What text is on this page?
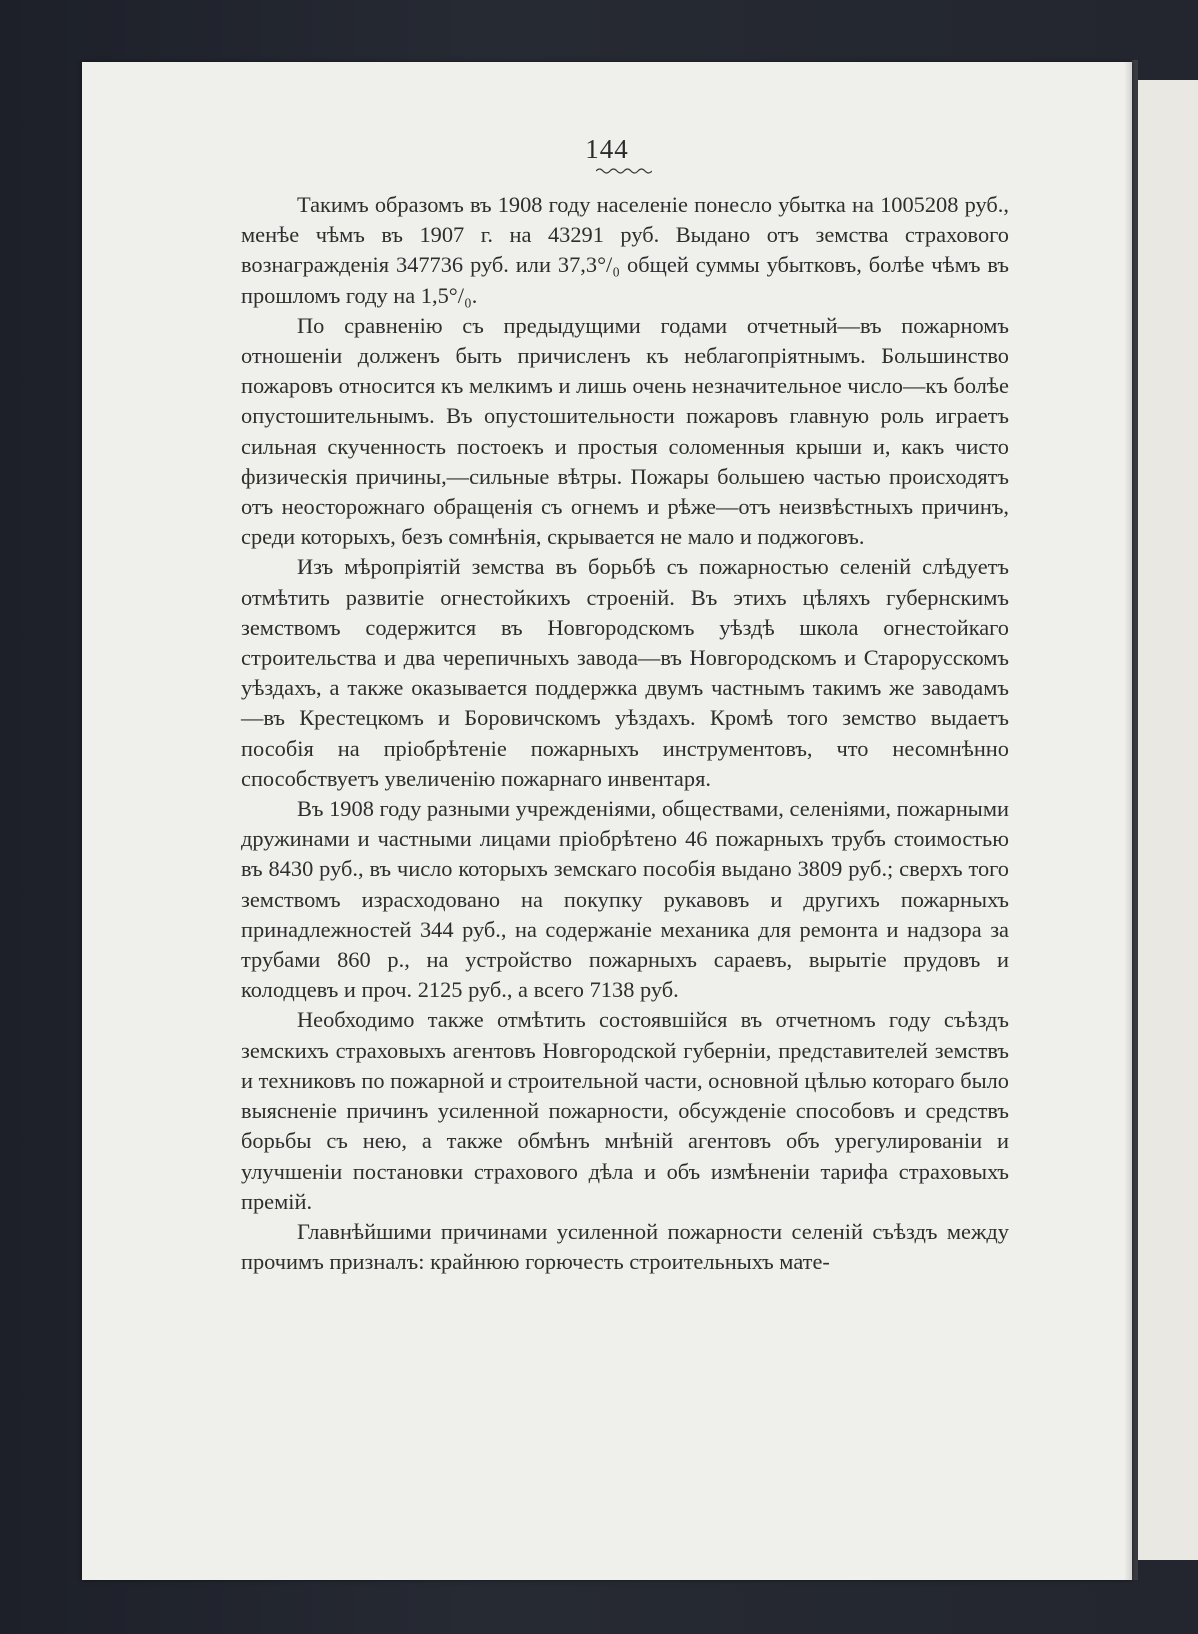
144

Такимъ образомъ въ 1908 году населеніе понесло убытка на 1005208 руб., менѣе чѣмъ въ 1907 г. на 43291 руб. Выдано отъ земства страхового вознагражденія 347736 руб. или 37,3°/₀ общей суммы убытковъ, болѣе чѣмъ въ прошломъ году на 1,5°/₀.

По сравненію съ предыдущими годами отчетный—въ пожарномъ отношеніи долженъ быть причисленъ къ неблагопріятнымъ. Большинство пожаровъ относится къ мелкимъ и лишь очень незначительное число—къ болѣе опустошительнымъ. Въ опустошительности пожаровъ главную роль играетъ сильная скученность постоекъ и простыя соломенныя крыши и, какъ чисто физическія причины,—сильные вѣтры. Пожары большею частью происходятъ отъ неосторожнаго обращенія съ огнемъ и рѣже—отъ неизвѣстныхъ причинъ, среди которыхъ, безъ сомнѣнія, скрывается не мало и поджоговъ.

Изъ мѣропріятій земства въ борьбѣ съ пожарностью селеній слѣдуетъ отмѣтить развитіе огнестойкихъ строеній. Въ этихъ цѣляхъ губернскимъ земствомъ содержится въ Новгородскомъ уѣздѣ школа огнестойкаго строительства и два черепичныхъ завода—въ Новгородскомъ и Старорусскомъ уѣздахъ, а также оказывается поддержка двумъ частнымъ такимъ же заводамъ—въ Крестецкомъ и Боровичскомъ уѣздахъ. Кромѣ того земство выдаетъ пособія на пріобрѣтеніе пожарныхъ инструментовъ, что несомнѣнно способствуетъ увеличенію пожарнаго инвентаря.

Въ 1908 году разными учрежденіями, обществами, селеніями, пожарными дружинами и частными лицами пріобрѣтено 46 пожарныхъ трубъ стоимостью въ 8430 руб., въ число которыхъ земскаго пособія выдано 3809 руб.; сверхъ того земствомъ израсходовано на покупку рукавовъ и другихъ пожарныхъ принадлежностей 344 руб., на содержаніе механика для ремонта и надзора за трубами 860 р., на устройство пожарныхъ сараевъ, вырытіе прудовъ и колодцевъ и проч. 2125 руб., а всего 7138 руб.

Необходимо также отмѣтить состоявшійся въ отчетномъ году съѣздъ земскихъ страховыхъ агентовъ Новгородской губерніи, представителей земствъ и техниковъ по пожарной и строительной части, основной цѣлью котораго было выясненіе причинъ усиленной пожарности, обсужденіе способовъ и средствъ борьбы съ нею, а также обмѣнъ мнѣній агентовъ объ урегулированіи и улучшеніи постановки страхового дѣла и объ измѣненіи тарифа страховыхъ премій.

Главнѣйшими причинами усиленной пожарности селеній съѣздъ между прочимъ призналъ: крайнюю горючесть строительныхъ мате-
